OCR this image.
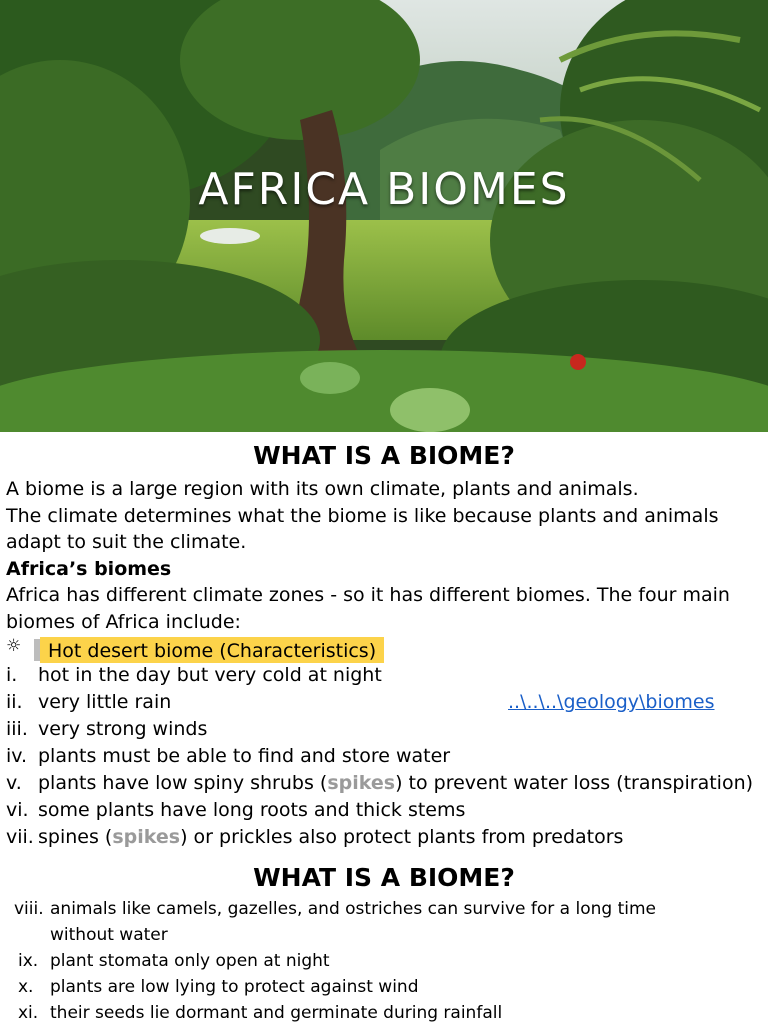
AFRICA BIOMES
WHAT IS A BIOME?

A biome is a large region with its own climate, plants and animals.

The climate determines what the biome is like because plants and animals adapt to suit the climate.

Africa’s biomes

Africa has different climate zones - so it has different biomes. The four main biomes of Africa include:

☼	Hot desert biome (Characteristics)
i. hot in the day but very cold at night
ii. very little rain	..\..\..\geology\biomes
iii. very strong winds
iv. plants must be able to find and store water
v. plants have low spiny shrubs (spikes) to prevent water loss (transpiration)
vi. some plants have long roots and thick stems
vii. spines (spikes) or prickles also protect plants from predators
WHAT IS A BIOME?
viii. animals like camels, gazelles, and ostriches can survive for a long time without water
ix. plant stomata only open at night
x. plants are low lying to protect against wind
xi. their seeds lie dormant and germinate during rainfall
